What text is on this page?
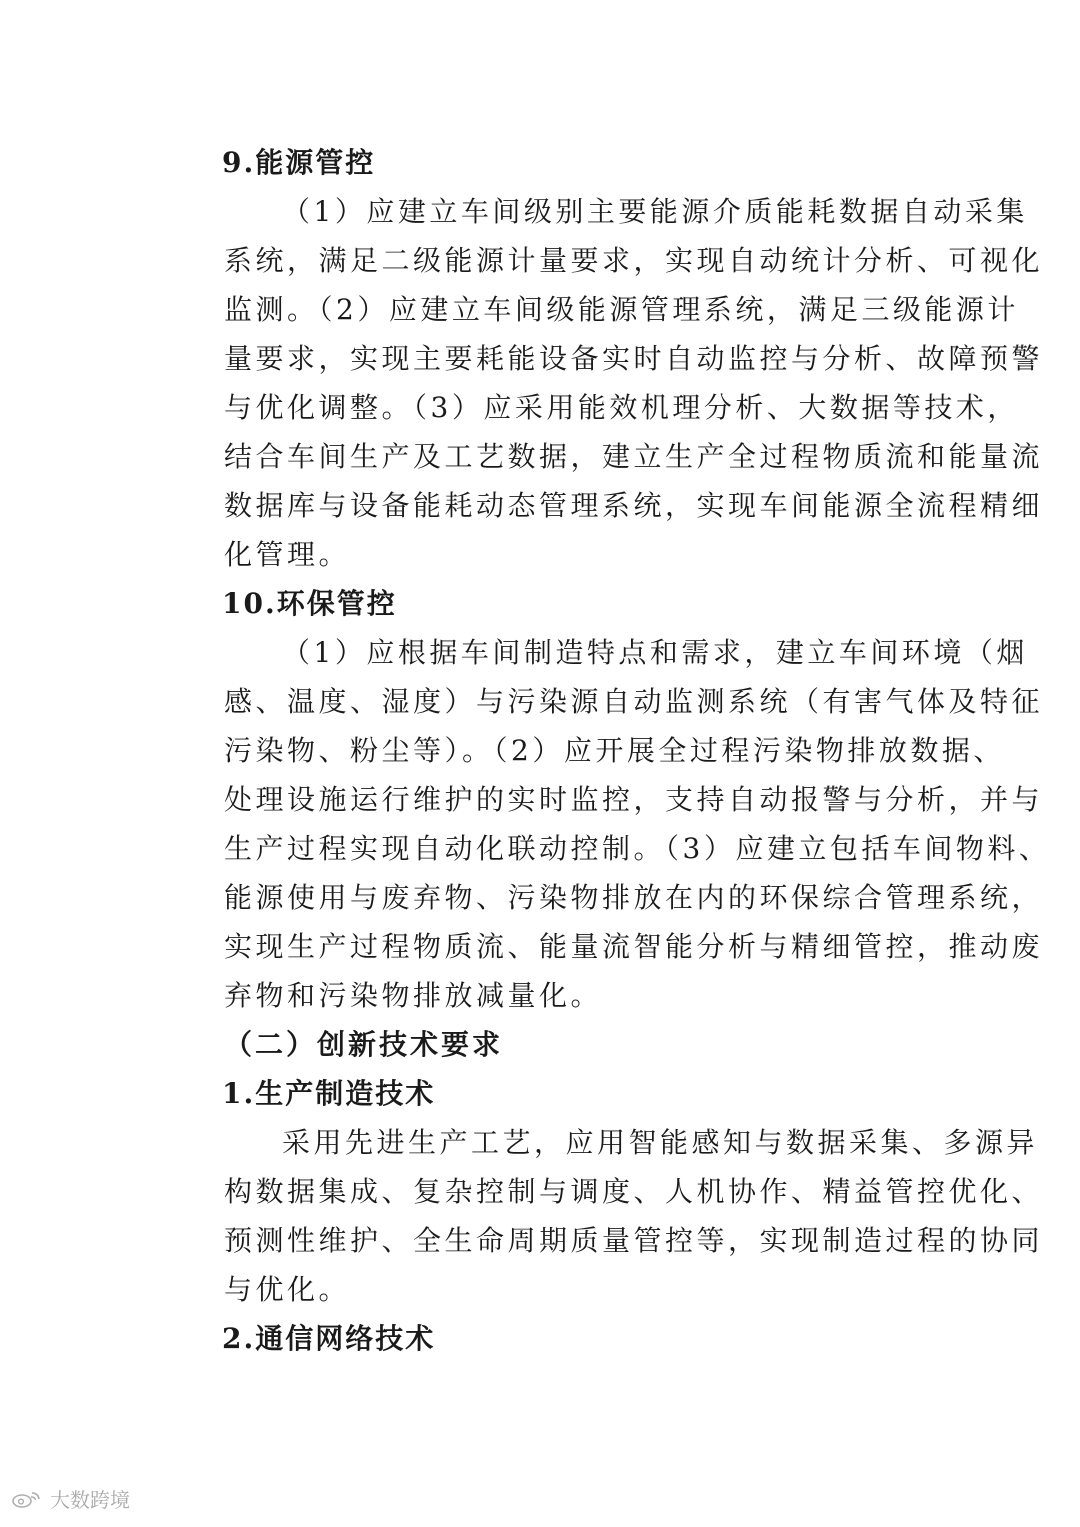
9.能源管控

（1）应建立车间级别主要能源介质能耗数据自动采集
系统，满足二级能源计量要求，实现自动统计分析、可视化
监测。（2）应建立车间级能源管理系统，满足三级能源计
量要求，实现主要耗能设备实时自动监控与分析、故障预警
与优化调整。（3）应采用能效机理分析、大数据等技术，
结合车间生产及工艺数据，建立生产全过程物质流和能量流
数据库与设备能耗动态管理系统，实现车间能源全流程精细
化管理。

10.环保管控

（1）应根据车间制造特点和需求，建立车间环境（烟
感、温度、湿度）与污染源自动监测系统（有害气体及特征
污染物、粉尘等）。（2）应开展全过程污染物排放数据、
处理设施运行维护的实时监控，支持自动报警与分析，并与
生产过程实现自动化联动控制。（3）应建立包括车间物料、
能源使用与废弃物、污染物排放在内的环保综合管理系统，
实现生产过程物质流、能量流智能分析与精细管控，推动废
弃物和污染物排放减量化。

（二）创新技术要求

1.生产制造技术

采用先进生产工艺，应用智能感知与数据采集、多源异
构数据集成、复杂控制与调度、人机协作、精益管控优化、
预测性维护、全生命周期质量管控等，实现制造过程的协同
与优化。

2.通信网络技术

大数跨境
